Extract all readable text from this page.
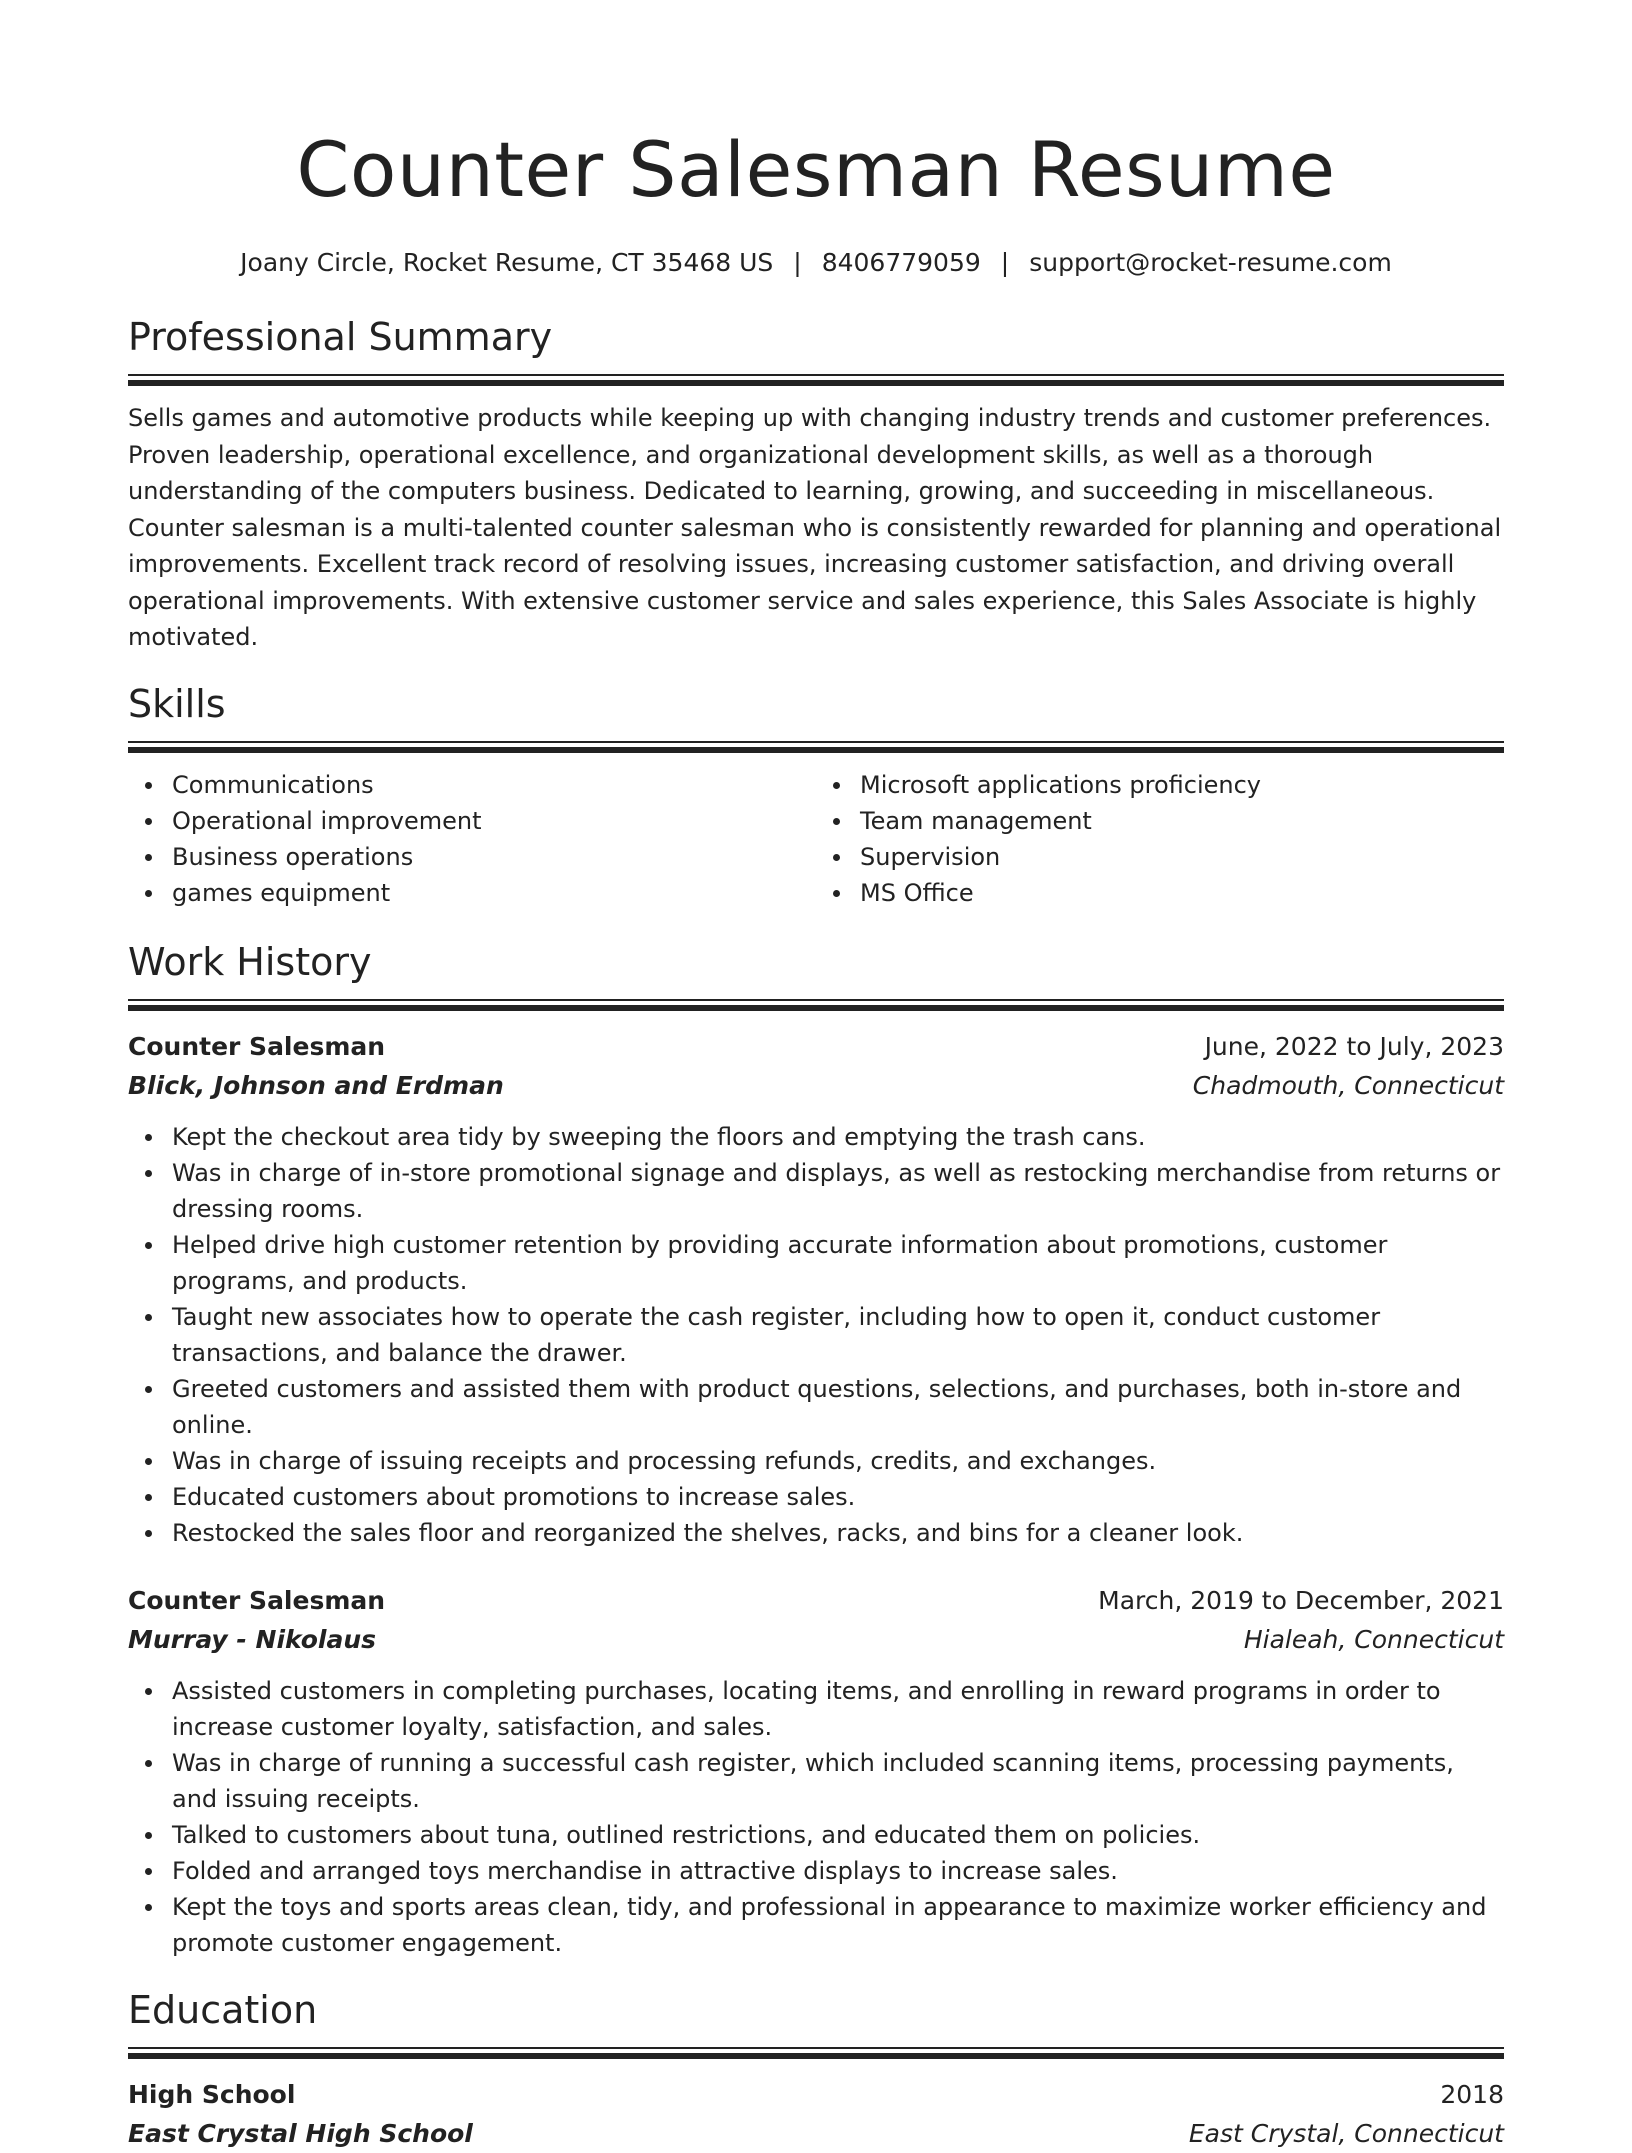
Counter Salesman Resume
Joany Circle, Rocket Resume, CT 35468 US | 8406779059 | support@rocket-resume.com
Professional Summary

Sells games and automotive products while keeping up with changing industry trends and customer preferences. Proven leadership, operational excellence, and organizational development skills, as well as a thorough understanding of the computers business. Dedicated to learning, growing, and succeeding in miscellaneous. Counter salesman is a multi-talented counter salesman who is consistently rewarded for planning and operational improvements. Excellent track record of resolving issues, increasing customer satisfaction, and driving overall operational improvements. With extensive customer service and sales experience, this Sales Associate is highly motivated.

Skills
Communications
Operational improvement
Business operations
games equipment
Microsoft applications proficiency
Team management
Supervision
MS Office
Work History
Counter Salesman	June, 2022 to July, 2023
Blick, Johnson and Erdman	Chadmouth, Connecticut
Kept the checkout area tidy by sweeping the floors and emptying the trash cans.
Was in charge of in-store promotional signage and displays, as well as restocking merchandise from returns or dressing rooms.
Helped drive high customer retention by providing accurate information about promotions, customer programs, and products.
Taught new associates how to operate the cash register, including how to open it, conduct customer transactions, and balance the drawer.
Greeted customers and assisted them with product questions, selections, and purchases, both in-store and online.
Was in charge of issuing receipts and processing refunds, credits, and exchanges.
Educated customers about promotions to increase sales.
Restocked the sales floor and reorganized the shelves, racks, and bins for a cleaner look.
Counter Salesman	March, 2019 to December, 2021
Murray - Nikolaus	Hialeah, Connecticut
Assisted customers in completing purchases, locating items, and enrolling in reward programs in order to increase customer loyalty, satisfaction, and sales.
Was in charge of running a successful cash register, which included scanning items, processing payments, and issuing receipts.
Talked to customers about tuna, outlined restrictions, and educated them on policies.
Folded and arranged toys merchandise in attractive displays to increase sales.
Kept the toys and sports areas clean, tidy, and professional in appearance to maximize worker efficiency and promote customer engagement.
Education
High School	2018
East Crystal High School	East Crystal, Connecticut
